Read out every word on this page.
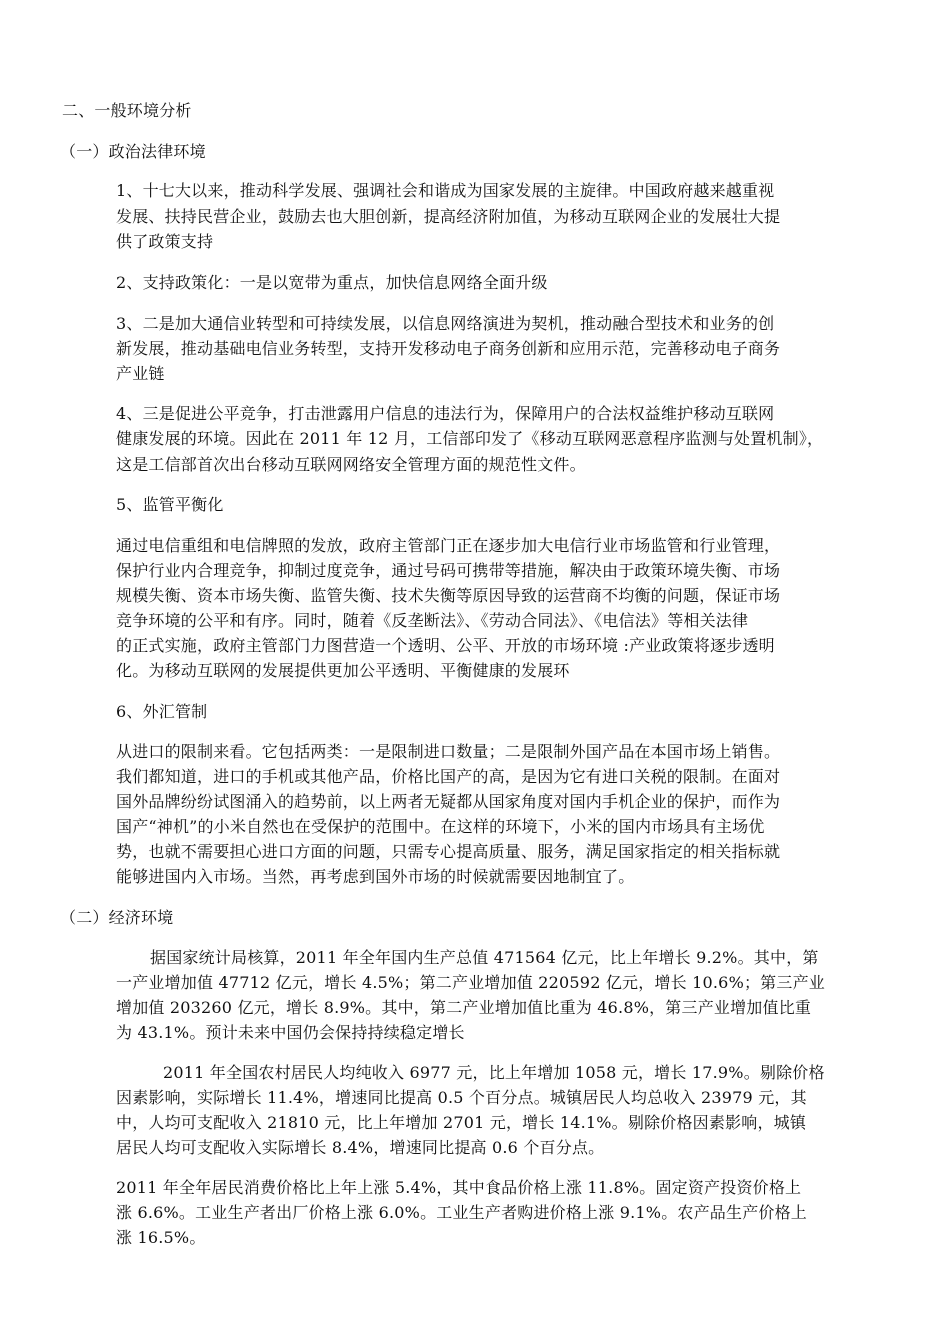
二、一般环境分析
（一）政治法律环境
1、十七大以来，推动科学发展、强调社会和谐成为国家发展的主旋律。中国政府越来越重视
发展、扶持民营企业，鼓励去也大胆创新，提高经济附加值，为移动互联网企业的发展壮大提
供了政策支持
2、支持政策化：一是以宽带为重点，加快信息网络全面升级
3、二是加大通信业转型和可持续发展，以信息网络演进为契机，推动融合型技术和业务的创
新发展，推动基础电信业务转型，支持开发移动电子商务创新和应用示范，完善移动电子商务
产业链
4、三是促进公平竞争，打击泄露用户信息的违法行为，保障用户的合法权益维护移动互联网
健康发展的环境。因此在 2011 年 12 月，工信部印发了《移动互联网恶意程序监测与处置机制》，
这是工信部首次出台移动互联网网络安全管理方面的规范性文件。
5、监管平衡化
通过电信重组和电信牌照的发放，政府主管部门正在逐步加大电信行业市场监管和行业管理，
保护行业内合理竞争，抑制过度竞争，通过号码可携带等措施，解决由于政策环境失衡、市场
规模失衡、资本市场失衡、监管失衡、技术失衡等原因导致的运营商不均衡的问题，保证市场
竞争环境的公平和有序。同时，随着《反垄断法》、《劳动合同法》、《电信法》等相关法律
的正式实施，政府主管部门力图营造一个透明、公平、开放的市场环境 :产业政策将逐步透明
化。为移动互联网的发展提供更加公平透明、平衡健康的发展环
6、外汇管制
从进口的限制来看。它包括两类：一是限制进口数量；二是限制外国产品在本国市场上销售。
我们都知道，进口的手机或其他产品，价格比国产的高，是因为它有进口关税的限制。在面对
国外品牌纷纷试图涌入的趋势前，以上两者无疑都从国家角度对国内手机企业的保护，而作为
国产“神机”的小米自然也在受保护的范围中。在这样的环境下，小米的国内市场具有主场优
势，也就不需要担心进口方面的问题，只需专心提高质量、服务，满足国家指定的相关指标就
能够进国内入市场。当然，再考虑到国外市场的时候就需要因地制宜了。
（二）经济环境
据国家统计局核算，2011 年全年国内生产总值 471564 亿元，比上年增长 9.2%。其中，第
一产业增加值 47712 亿元，增长 4.5%；第二产业增加值 220592 亿元，增长 10.6%；第三产业
增加值 203260 亿元，增长 8.9%。其中，第二产业增加值比重为 46.8%，第三产业增加值比重
为 43.1%。预计未来中国仍会保持持续稳定增长
2011 年全国农村居民人均纯收入 6977 元，比上年增加 1058 元，增长 17.9%。剔除价格
因素影响，实际增长 11.4%，增速同比提高 0.5 个百分点。城镇居民人均总收入 23979 元，其
中，人均可支配收入 21810 元，比上年增加 2701 元，增长 14.1%。剔除价格因素影响，城镇
居民人均可支配收入实际增长 8.4%，增速同比提高 0.6 个百分点。
2011 年全年居民消费价格比上年上涨 5.4%，其中食品价格上涨 11.8%。固定资产投资价格上
涨 6.6%。工业生产者出厂价格上涨 6.0%。工业生产者购进价格上涨 9.1%。农产品生产价格上
涨 16.5%。
